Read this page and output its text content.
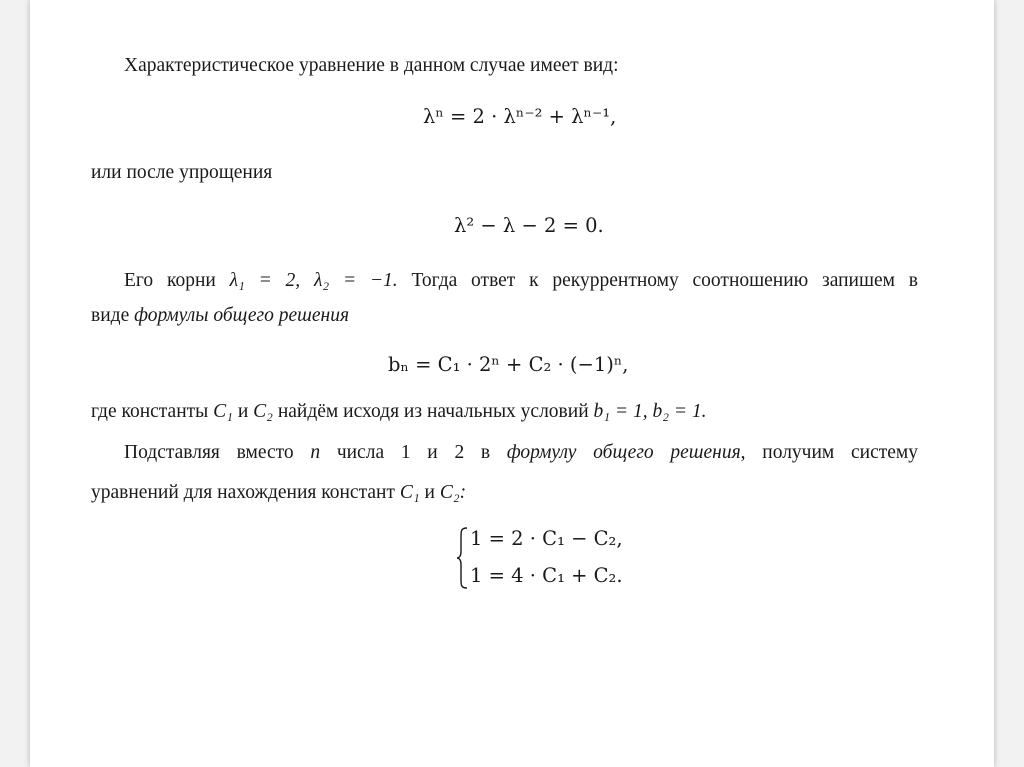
Характеристическое уравнение в данном случае имеет вид:
λⁿ = 2 · λⁿ⁻² + λⁿ⁻¹,
или после упрощения
λ² − λ − 2 = 0.
Его корни λ₁ = 2, λ₂ = −1. Тогда ответ к рекуррентному соотношению запишем в
виде формулы общего решения
bₙ = C₁ · 2ⁿ + C₂ · (−1)ⁿ,
где константы C₁ и C₂ найдём исходя из начальных условий b₁ = 1, b₂ = 1.
Подставляя вместо n числа 1 и 2 в формулу общего решения, получим систему
уравнений для нахождения констант C₁ и C₂:
1 = 2 · C₁ − C₂,
1 = 4 · C₁ + C₂.
